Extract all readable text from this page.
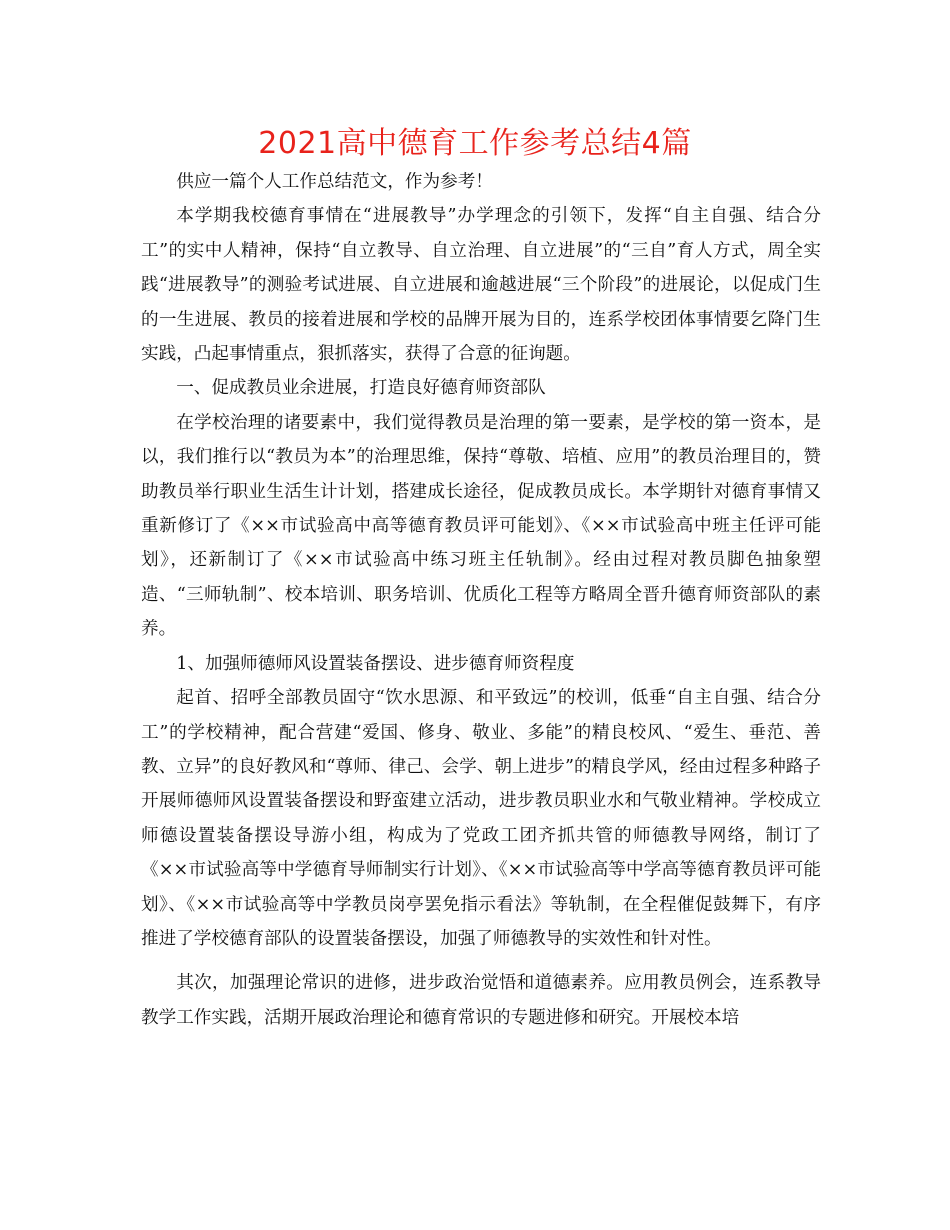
2021高中德育工作参考总结4篇

供应一篇个人工作总结范文，作为参考！

本学期我校德育事情在“进展教导”办学理念的引领下，发挥“自主自强、结合分工”的实中人精神，保持“自立教导、自立治理、自立进展”的“三自”育人方式，周全实践“进展教导”的测验考试进展、自立进展和逾越进展“三个阶段”的进展论，以促成门生的一生进展、教员的接着进展和学校的品牌开展为目的，连系学校团体事情要乞降门生实践，凸起事情重点，狠抓落实，获得了合意的征询题。

一、促成教员业余进展，打造良好德育师资部队

在学校治理的诸要素中，我们觉得教员是治理的第一要素，是学校的第一资本，是以，我们推行以“教员为本”的治理思维，保持“尊敬、培植、应用”的教员治理目的，赞助教员举行职业生活生计计划，搭建成长途径，促成教员成长。本学期针对德育事情又重新修订了《××市试验高中高等德育教员评可能划》、《××市试验高中班主任评可能划》，还新制订了《××市试验高中练习班主任轨制》。经由过程对教员脚色抽象塑造、“三师轨制”、校本培训、职务培训、优质化工程等方略周全晋升德育师资部队的素养。

1、加强师德师风设置装备摆设、进步德育师资程度

起首、招呼全部教员固守“饮水思源、和平致远”的校训，低垂“自主自强、结合分工”的学校精神，配合营建“爱国、修身、敬业、多能”的精良校风、“爱生、垂范、善教、立异”的良好教风和“尊师、律己、会学、朝上进步”的精良学风，经由过程多种路子开展师德师风设置装备摆设和野蛮建立活动，进步教员职业水和气敬业精神。学校成立师德设置装备摆设导游小组，构成为了党政工团齐抓共管的师德教导网络，制订了《××市试验高等中学德育导师制实行计划》、《××市试验高等中学高等德育教员评可能划》、《××市试验高等中学教员岗亭罢免指示看法》等轨制，在全程催促鼓舞下，有序推进了学校德育部队的设置装备摆设，加强了师德教导的实效性和针对性。

其次，加强理论常识的进修，进步政治觉悟和道德素养。应用教员例会，连系教导教学工作实践，活期开展政治理论和德育常识的专题进修和研究。开展校本培
